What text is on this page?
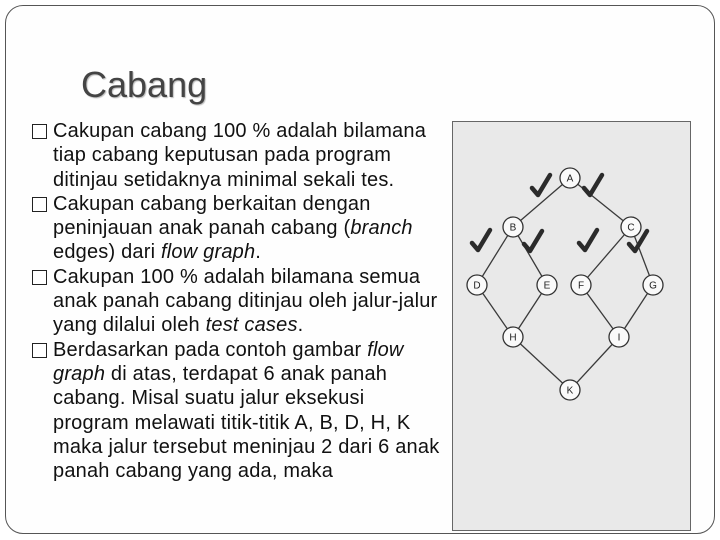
Cabang
Cakupan cabang 100 % adalah bilamana tiap cabang keputusan pada program ditinjau setidaknya minimal sekali tes.
Cakupan cabang berkaitan dengan peninjauan anak panah cabang (branch edges) dari flow graph.
Cakupan 100 % adalah bilamana semua anak panah cabang ditinjau oleh jalur-jalur yang dilalui oleh test cases.
Berdasarkan pada contoh gambar flow graph di atas, terdapat 6 anak panah cabang. Misal suatu jalur eksekusi program melawati titik-titik A, B, D, H, K maka jalur tersebut meninjau 2 dari 6 anak panah cabang yang ada, maka
A
B	C
D	E	F	G
H	I
K
